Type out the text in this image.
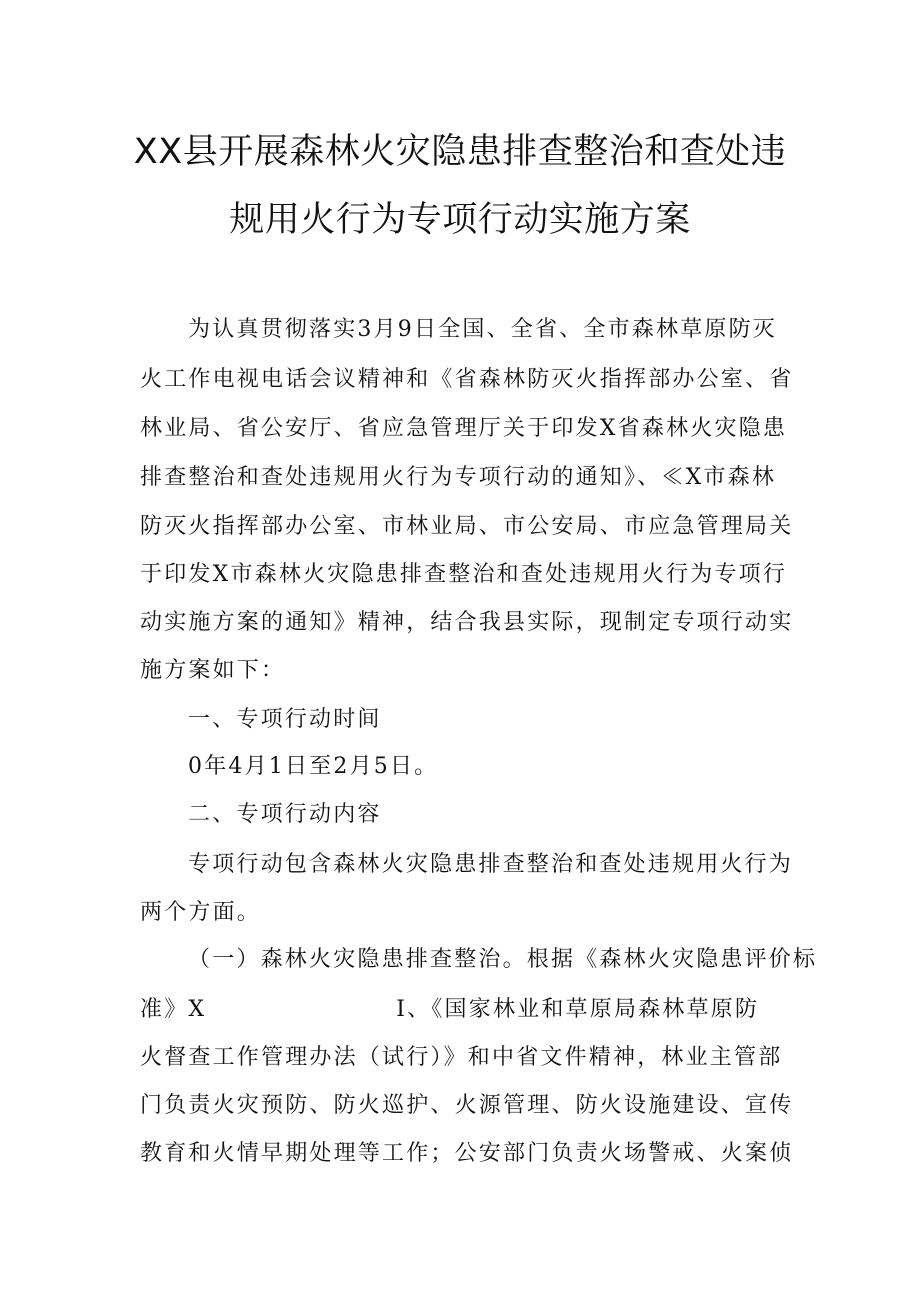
XX县开展森林火灾隐患排查整治和查处违
规用火行为专项行动实施方案
为认真贯彻落实3月9日全国、全省、全市森林草原防灭
火工作电视电话会议精神和《省森林防灭火指挥部办公室、省
林业局、省公安厅、省应急管理厅关于印发X省森林火灾隐患
排查整治和查处违规用火行为专项行动的通知》、≪X市森林
防灭火指挥部办公室、市林业局、市公安局、市应急管理局关
于印发X市森林火灾隐患排查整治和查处违规用火行为专项行
动实施方案的通知》精神，结合我县实际，现制定专项行动实
施方案如下：
一、专项行动时间
0年4月1日至2月5日。
二、专项行动内容
专项行动包含森林火灾隐患排查整治和查处违规用火行为
两个方面。
（一）森林火灾隐患排查整治。根据《森林火灾隐患评价标
准》X	I、《国家林业和草原局森林草原防
火督查工作管理办法（试行）》和中省文件精神，林业主管部
门负责火灾预防、防火巡护、火源管理、防火设施建设、宣传
教育和火情早期处理等工作；公安部门负责火场警戒、火案侦
